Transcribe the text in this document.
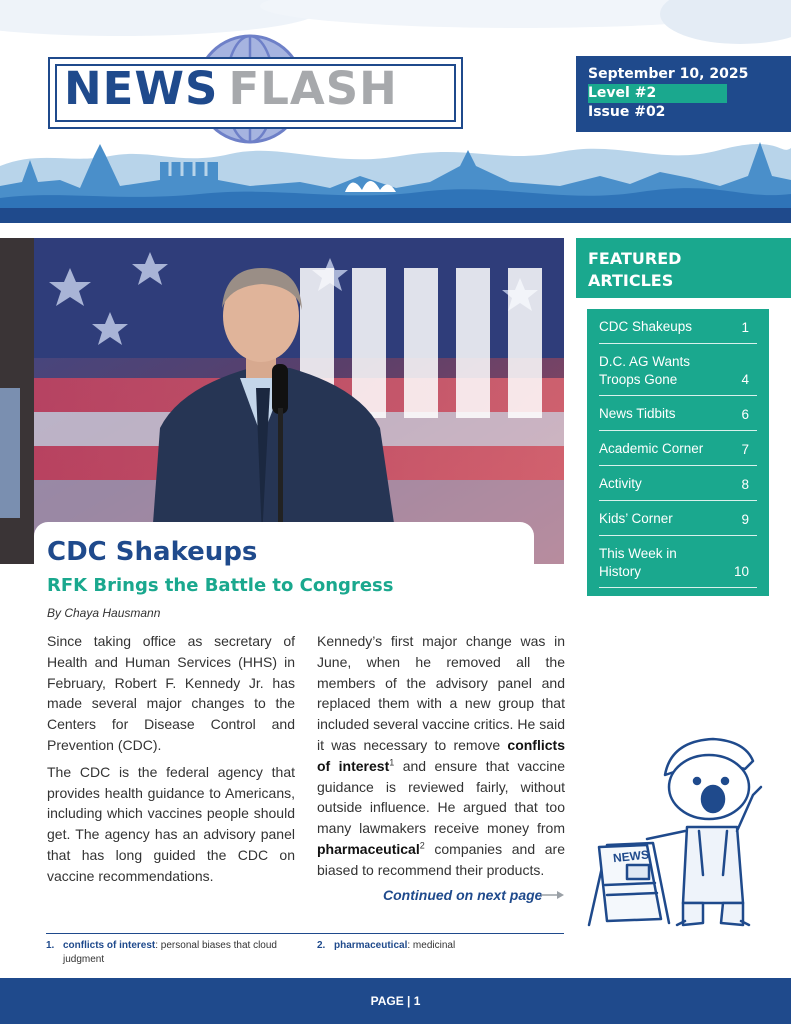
NEWS FLASH	September 10, 2025
Level #2
Issue #02
CDC Shakeups
RFK Brings the Battle to Congress
By Chaya Hausmann

Since taking office as secretary of Health and Human Services (HHS) in February, Robert F. Kennedy Jr. has made several major changes to the Centers for Disease Control and Prevention (CDC).

The CDC is the federal agency that provides health guidance to Americans, including which vaccines people should get. The agency has an advisory panel that has long guided the CDC on vaccine recommendations.

Kennedy’s first major change was in June, when he removed all the members of the advisory panel and replaced them with a new group that included several vaccine critics. He said it was necessary to remove conflicts of interest$^1$ and ensure that vaccine guidance is reviewed fairly, without outside influence. He argued that too many lawmakers receive money from pharmaceutical$^2$ companies and are biased to recommend their products.

Continued on next page
1. conflicts of interest: personal biases that cloud judgment
2. pharmaceutical: medicinal
FEATURED ARTICLES
CDC Shakeups	1
D.C. AG Wants Troops Gone	4
News Tidbits	6
Academic Corner	7
Activity	8
Kids’ Corner	9
This Week in History	10
NEWS
PAGE | 1
